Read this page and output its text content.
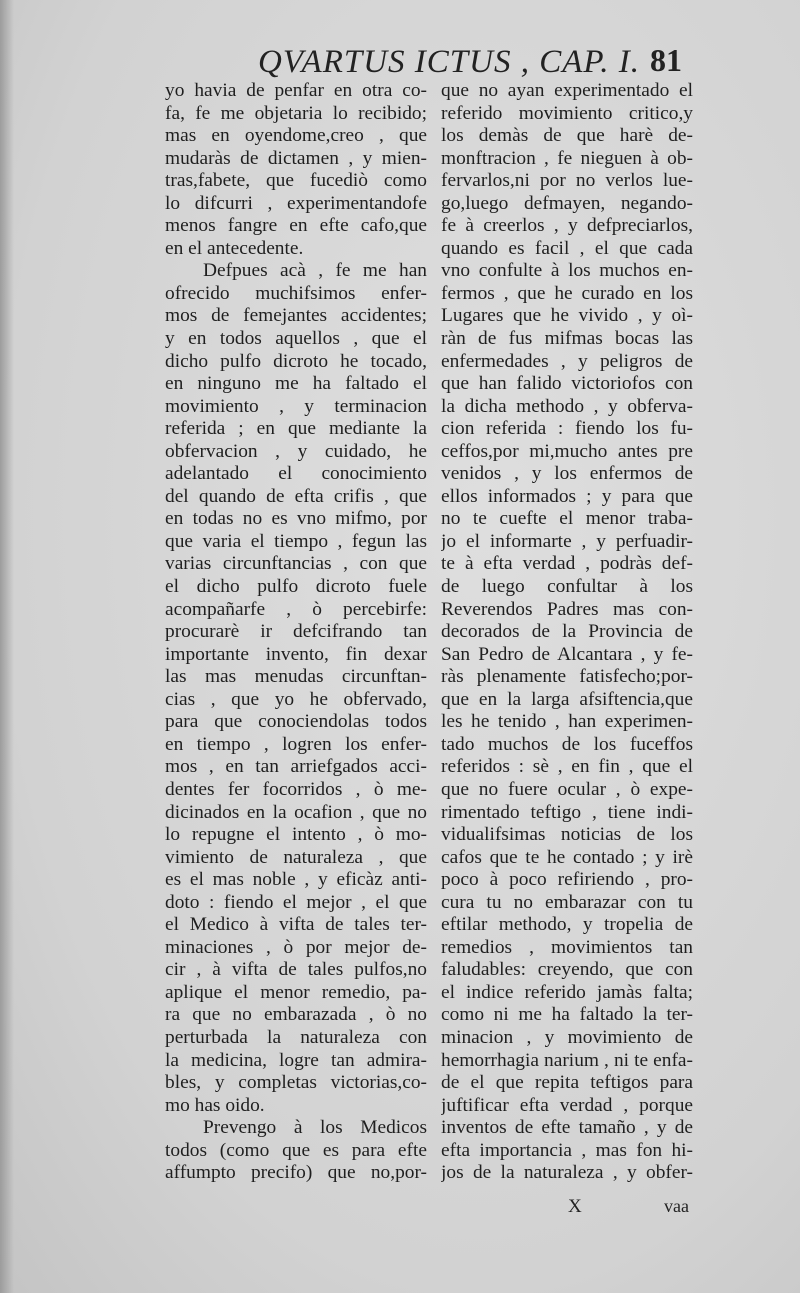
QVARTUS ICTUS , CAP. I. 81
yo havia de penfar en otra co-
fa, fe me objetaria lo recibido;
mas en oyendome,creo , que
mudaràs de dictamen , y mien-
tras,fabete, que fucediò como
lo difcurri , experimentandofe
menos fangre en efte cafo,que
en el antecedente.
Defpues acà , fe me han
ofrecido muchifsimos enfer-
mos de femejantes accidentes;
y en todos aquellos , que el
dicho pulfo dicroto he tocado,
en ninguno me ha faltado el
movimiento , y terminacion
referida ; en que mediante la
obfervacion , y cuidado, he
adelantado el conocimiento
del quando de efta crifis , que
en todas no es vno mifmo, por
que varia el tiempo , fegun las
varias circunftancias , con que
el dicho pulfo dicroto fuele
acompañarfe , ò percebirfe:
procurarè ir defcifrando tan
importante invento, fin dexar
las mas menudas circunftan-
cias , que yo he obfervado,
para que conociendolas todos
en tiempo , logren los enfer-
mos , en tan arriefgados acci-
dentes fer focorridos , ò me-
dicinados en la ocafion , que no
lo repugne el intento , ò mo-
vimiento de naturaleza , que
es el mas noble , y eficàz anti-
doto : fiendo el mejor , el que
el Medico à vifta de tales ter-
minaciones , ò por mejor de-
cir , à vifta de tales pulfos,no
aplique el menor remedio, pa-
ra que no embarazada , ò no
perturbada la naturaleza con
la medicina, logre tan admira-
bles, y completas victorias,co-
mo has oido.
Prevengo à los Medicos
todos (como que es para efte
affumpto precifo) que no,por-
que no ayan experimentado el
referido movimiento critico,y
los demàs de que harè de-
monftracion , fe nieguen à ob-
fervarlos,ni por no verlos lue-
go,luego defmayen, negando-
fe à creerlos , y defpreciarlos,
quando es facil , el que cada
vno confulte à los muchos en-
fermos , que he curado en los
Lugares que he vivido , y oì-
ràn de fus mifmas bocas las
enfermedades , y peligros de
que han falido victoriofos con
la dicha methodo , y obferva-
cion referida : fiendo los fu-
ceffos,por mi,mucho antes pre
venidos , y los enfermos de
ellos informados ; y para que
no te cuefte el menor traba-
jo el informarte , y perfuadir-
te à efta verdad , podràs def-
de luego confultar à los
Reverendos Padres mas con-
decorados de la Provincia de
San Pedro de Alcantara , y fe-
ràs plenamente fatisfecho;por-
que en la larga afsiftencia,que
les he tenido , han experimen-
tado muchos de los fuceffos
referidos : sè , en fin , que el
que no fuere ocular , ò expe-
rimentado teftigo , tiene indi-
vidualifsimas noticias de los
cafos que te he contado ; y irè
poco à poco refiriendo , pro-
cura tu no embarazar con tu
eftilar methodo, y tropelia de
remedios , movimientos tan
faludables: creyendo, que con
el indice referido jamàs falta;
como ni me ha faltado la ter-
minacion , y movimiento de
hemorrhagia narium , ni te enfa-
de el que repita teftigos para
juftificar efta verdad , porque
inventos de efte tamaño , y de
efta importancia , mas fon hi-
jos de la naturaleza , y obfer-
X	vaa
